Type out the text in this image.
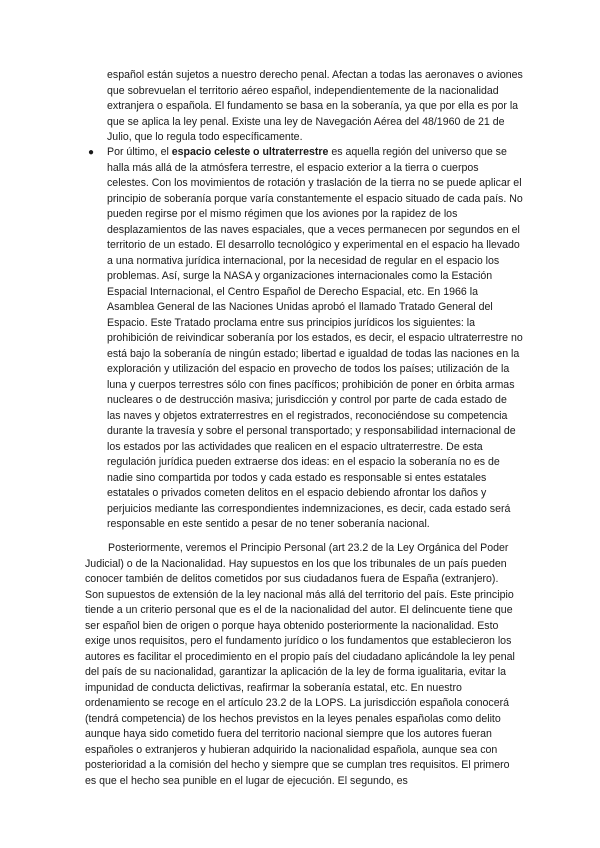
español están sujetos a nuestro derecho penal. Afectan a todas las aeronaves o aviones que sobrevuelan el territorio aéreo español, independientemente de la nacionalidad extranjera o española. El fundamento se basa en la soberanía, ya que por ella es por la que se aplica la ley penal. Existe una ley de Navegación Aérea del 48/1960 de 21 de Julio, que lo regula todo específicamente.

● Por último, el espacio celeste o ultraterrestre es aquella región del universo que se halla más allá de la atmósfera terrestre, el espacio exterior a la tierra o cuerpos celestes. Con los movimientos de rotación y traslación de la tierra no se puede aplicar el principio de soberanía porque varía constantemente el espacio situado de cada país. No pueden regirse por el mismo régimen que los aviones por la rapidez de los desplazamientos de las naves espaciales, que a veces permanecen por segundos en el territorio de un estado. El desarrollo tecnológico y experimental en el espacio ha llevado a una normativa jurídica internacional, por la necesidad de regular en el espacio los problemas. Así, surge la NASA y organizaciones internacionales como la Estación Espacial Internacional, el Centro Español de Derecho Espacial, etc. En 1966 la Asamblea General de las Naciones Unidas aprobó el llamado Tratado General del Espacio. Este Tratado proclama entre sus principios jurídicos los siguientes: la prohibición de reivindicar soberanía por los estados, es decir, el espacio ultraterrestre no está bajo la soberanía de ningún estado; libertad e igualdad de todas las naciones en la exploración y utilización del espacio en provecho de todos los países; utilización de la luna y cuerpos terrestres sólo con fines pacíficos; prohibición de poner en órbita armas nucleares o de destrucción masiva; jurisdicción y control por parte de cada estado de las naves y objetos extraterrestres en el registrados, reconociéndose su competencia durante la travesía y sobre el personal transportado; y responsabilidad internacional de los estados por las actividades que realicen en el espacio ultraterrestre. De esta regulación jurídica pueden extraerse dos ideas: en el espacio la soberanía no es de nadie sino compartida por todos y cada estado es responsable si entes estatales estatales o privados cometen delitos en el espacio debiendo afrontar los daños y perjuicios mediante las correspondientes indemnizaciones, es decir, cada estado será responsable en este sentido a pesar de no tener soberanía nacional.

Posteriormente, veremos el Principio Personal (art 23.2 de la Ley Orgánica del Poder Judicial) o de la Nacionalidad. Hay supuestos en los que los tribunales de un país pueden conocer también de delitos cometidos por sus ciudadanos fuera de España (extranjero). Son supuestos de extensión de la ley nacional más allá del territorio del país. Este principio tiende a un criterio personal que es el de la nacionalidad del autor. El delincuente tiene que ser español bien de origen o porque haya obtenido posteriormente la nacionalidad. Esto exige unos requisitos, pero el fundamento jurídico o los fundamentos que establecieron los autores es facilitar el procedimiento en el propio país del ciudadano aplicándole la ley penal del país de su nacionalidad, garantizar la aplicación de la ley de forma igualitaria, evitar la impunidad de conducta delictivas, reafirmar la soberanía estatal, etc. En nuestro ordenamiento se recoge en el artículo 23.2 de la LOPS. La jurisdicción española conocerá (tendrá competencia) de los hechos previstos en la leyes penales españolas como delito aunque haya sido cometido fuera del territorio nacional siempre que los autores fueran españoles o extranjeros y hubieran adquirido la nacionalidad española, aunque sea con posterioridad a la comisión del hecho y siempre que se cumplan tres requisitos. El primero es que el hecho sea punible en el lugar de ejecución. El segundo, es
